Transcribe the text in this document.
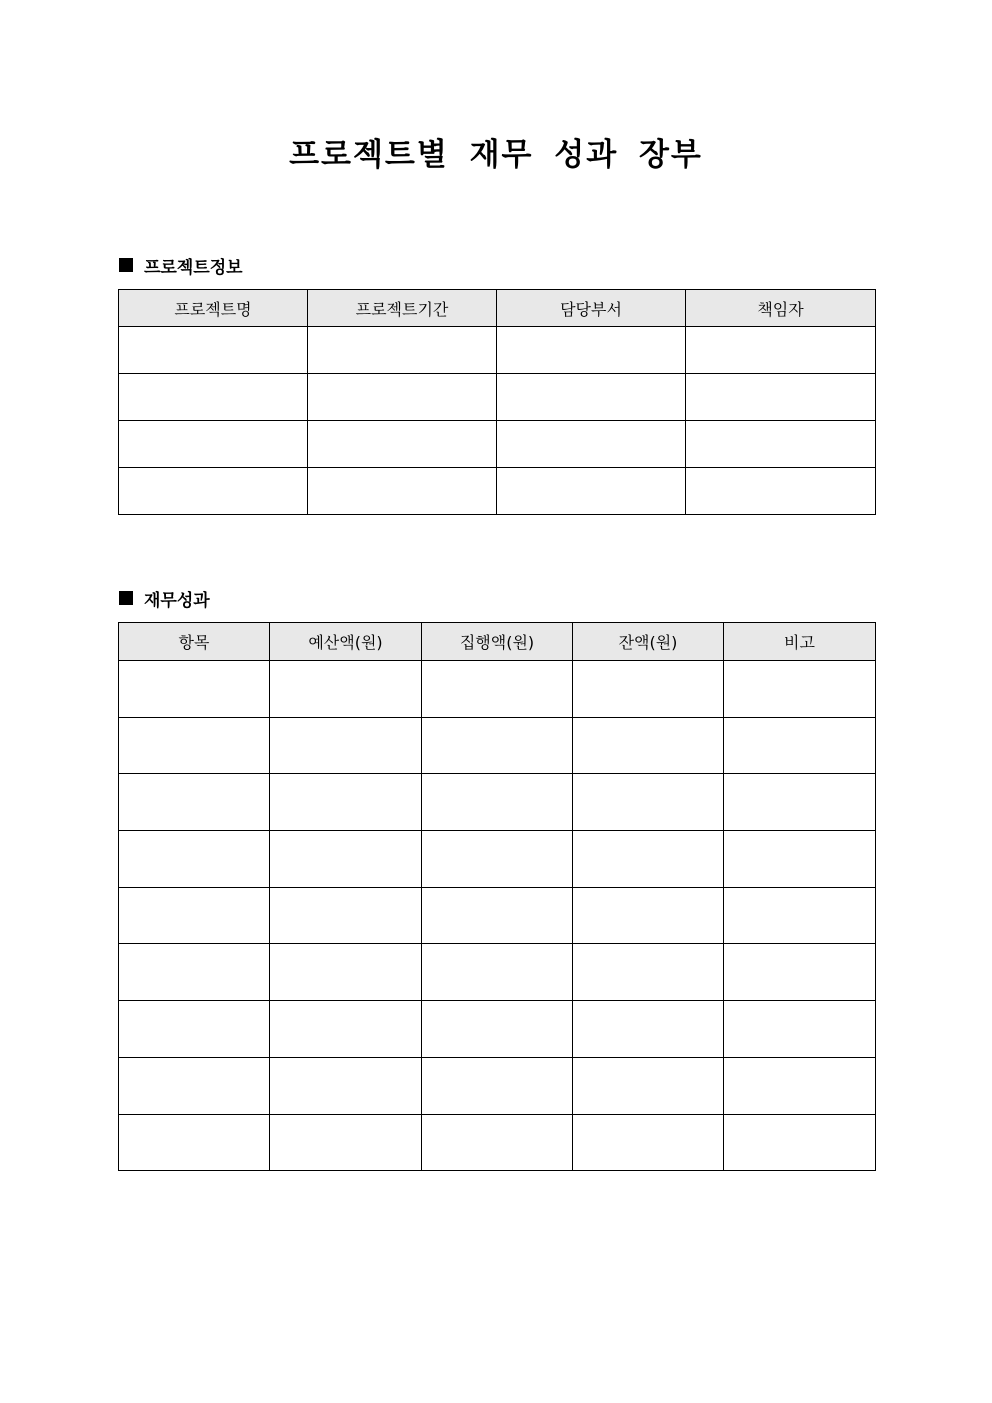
프로젝트별 재무 성과 장부
프로젝트정보
프로젝트명	프로젝트기간	담당부서	책임자

재무성과
항목	예산액(원)	집행액(원)	잔액(원)	비고
